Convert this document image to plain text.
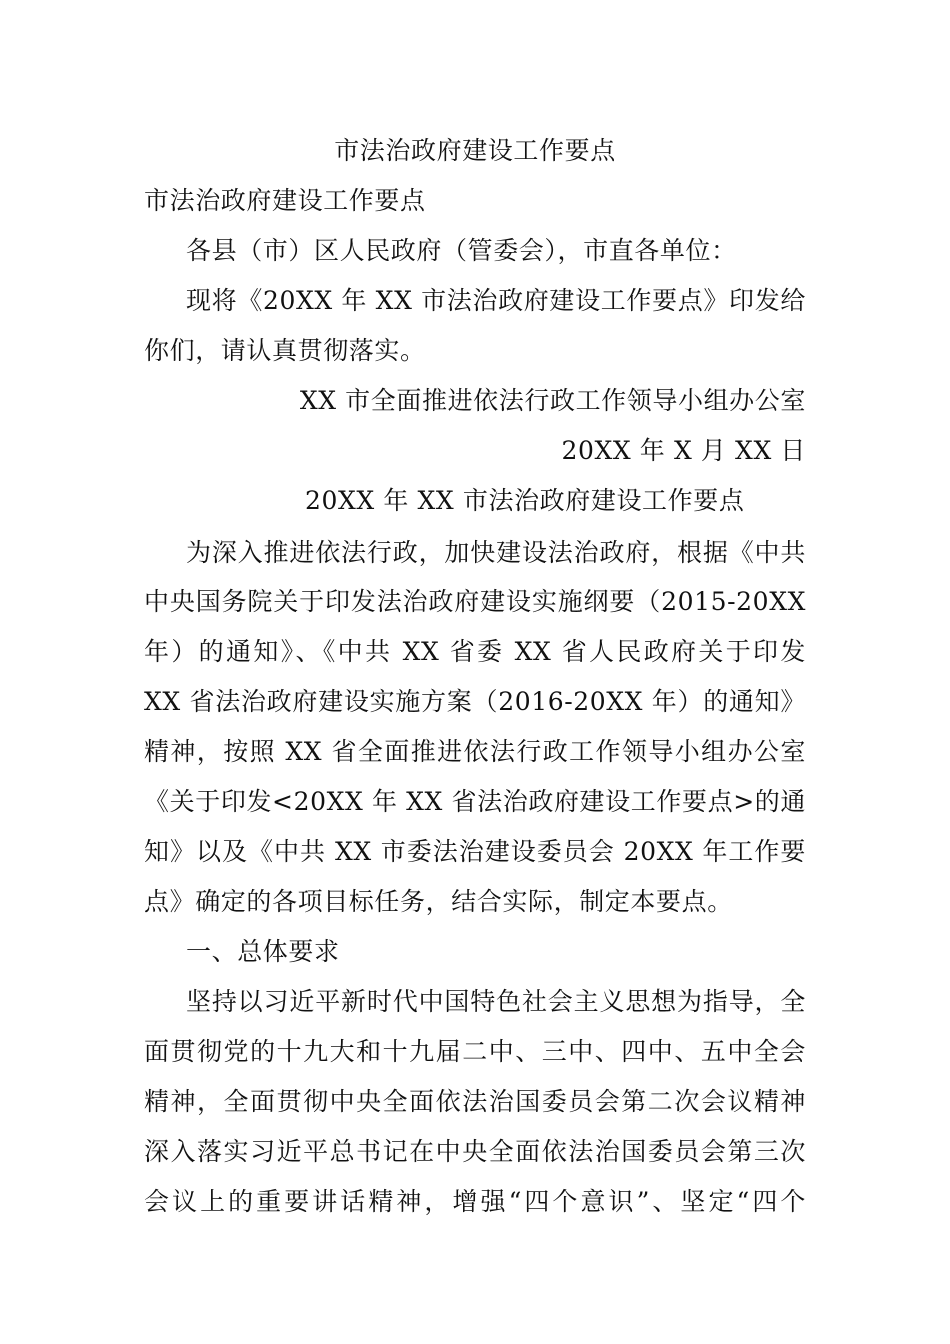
市法治政府建设工作要点
市法治政府建设工作要点
各县（市）区人民政府（管委会），市直各单位：
现将《20XX 年 XX 市法治政府建设工作要点》印发给
你们，请认真贯彻落实。
XX 市全面推进依法行政工作领导小组办公室
20XX 年 X 月 XX 日
20XX 年 XX 市法治政府建设工作要点
为深入推进依法行政，加快建设法治政府，根据《中共
中央国务院关于印发法治政府建设实施纲要（2015-20XX
年）的通知》、《中共 XX 省委 XX 省人民政府关于印发
XX 省法治政府建设实施方案（2016-20XX 年）的通知》
精神，按照 XX 省全面推进依法行政工作领导小组办公室
《关于印发<20XX 年 XX 省法治政府建设工作要点>的通
知》以及《中共 XX 市委法治建设委员会 20XX 年工作要
点》确定的各项目标任务，结合实际，制定本要点。
一、总体要求
坚持以习近平新时代中国特色社会主义思想为指导，全
面贯彻党的十九大和十九届二中、三中、四中、五中全会
精神，全面贯彻中央全面依法治国委员会第二次会议精神
深入落实习近平总书记在中央全面依法治国委员会第三次
会议上的重要讲话精神，增强“四个意识”、坚定“四个
